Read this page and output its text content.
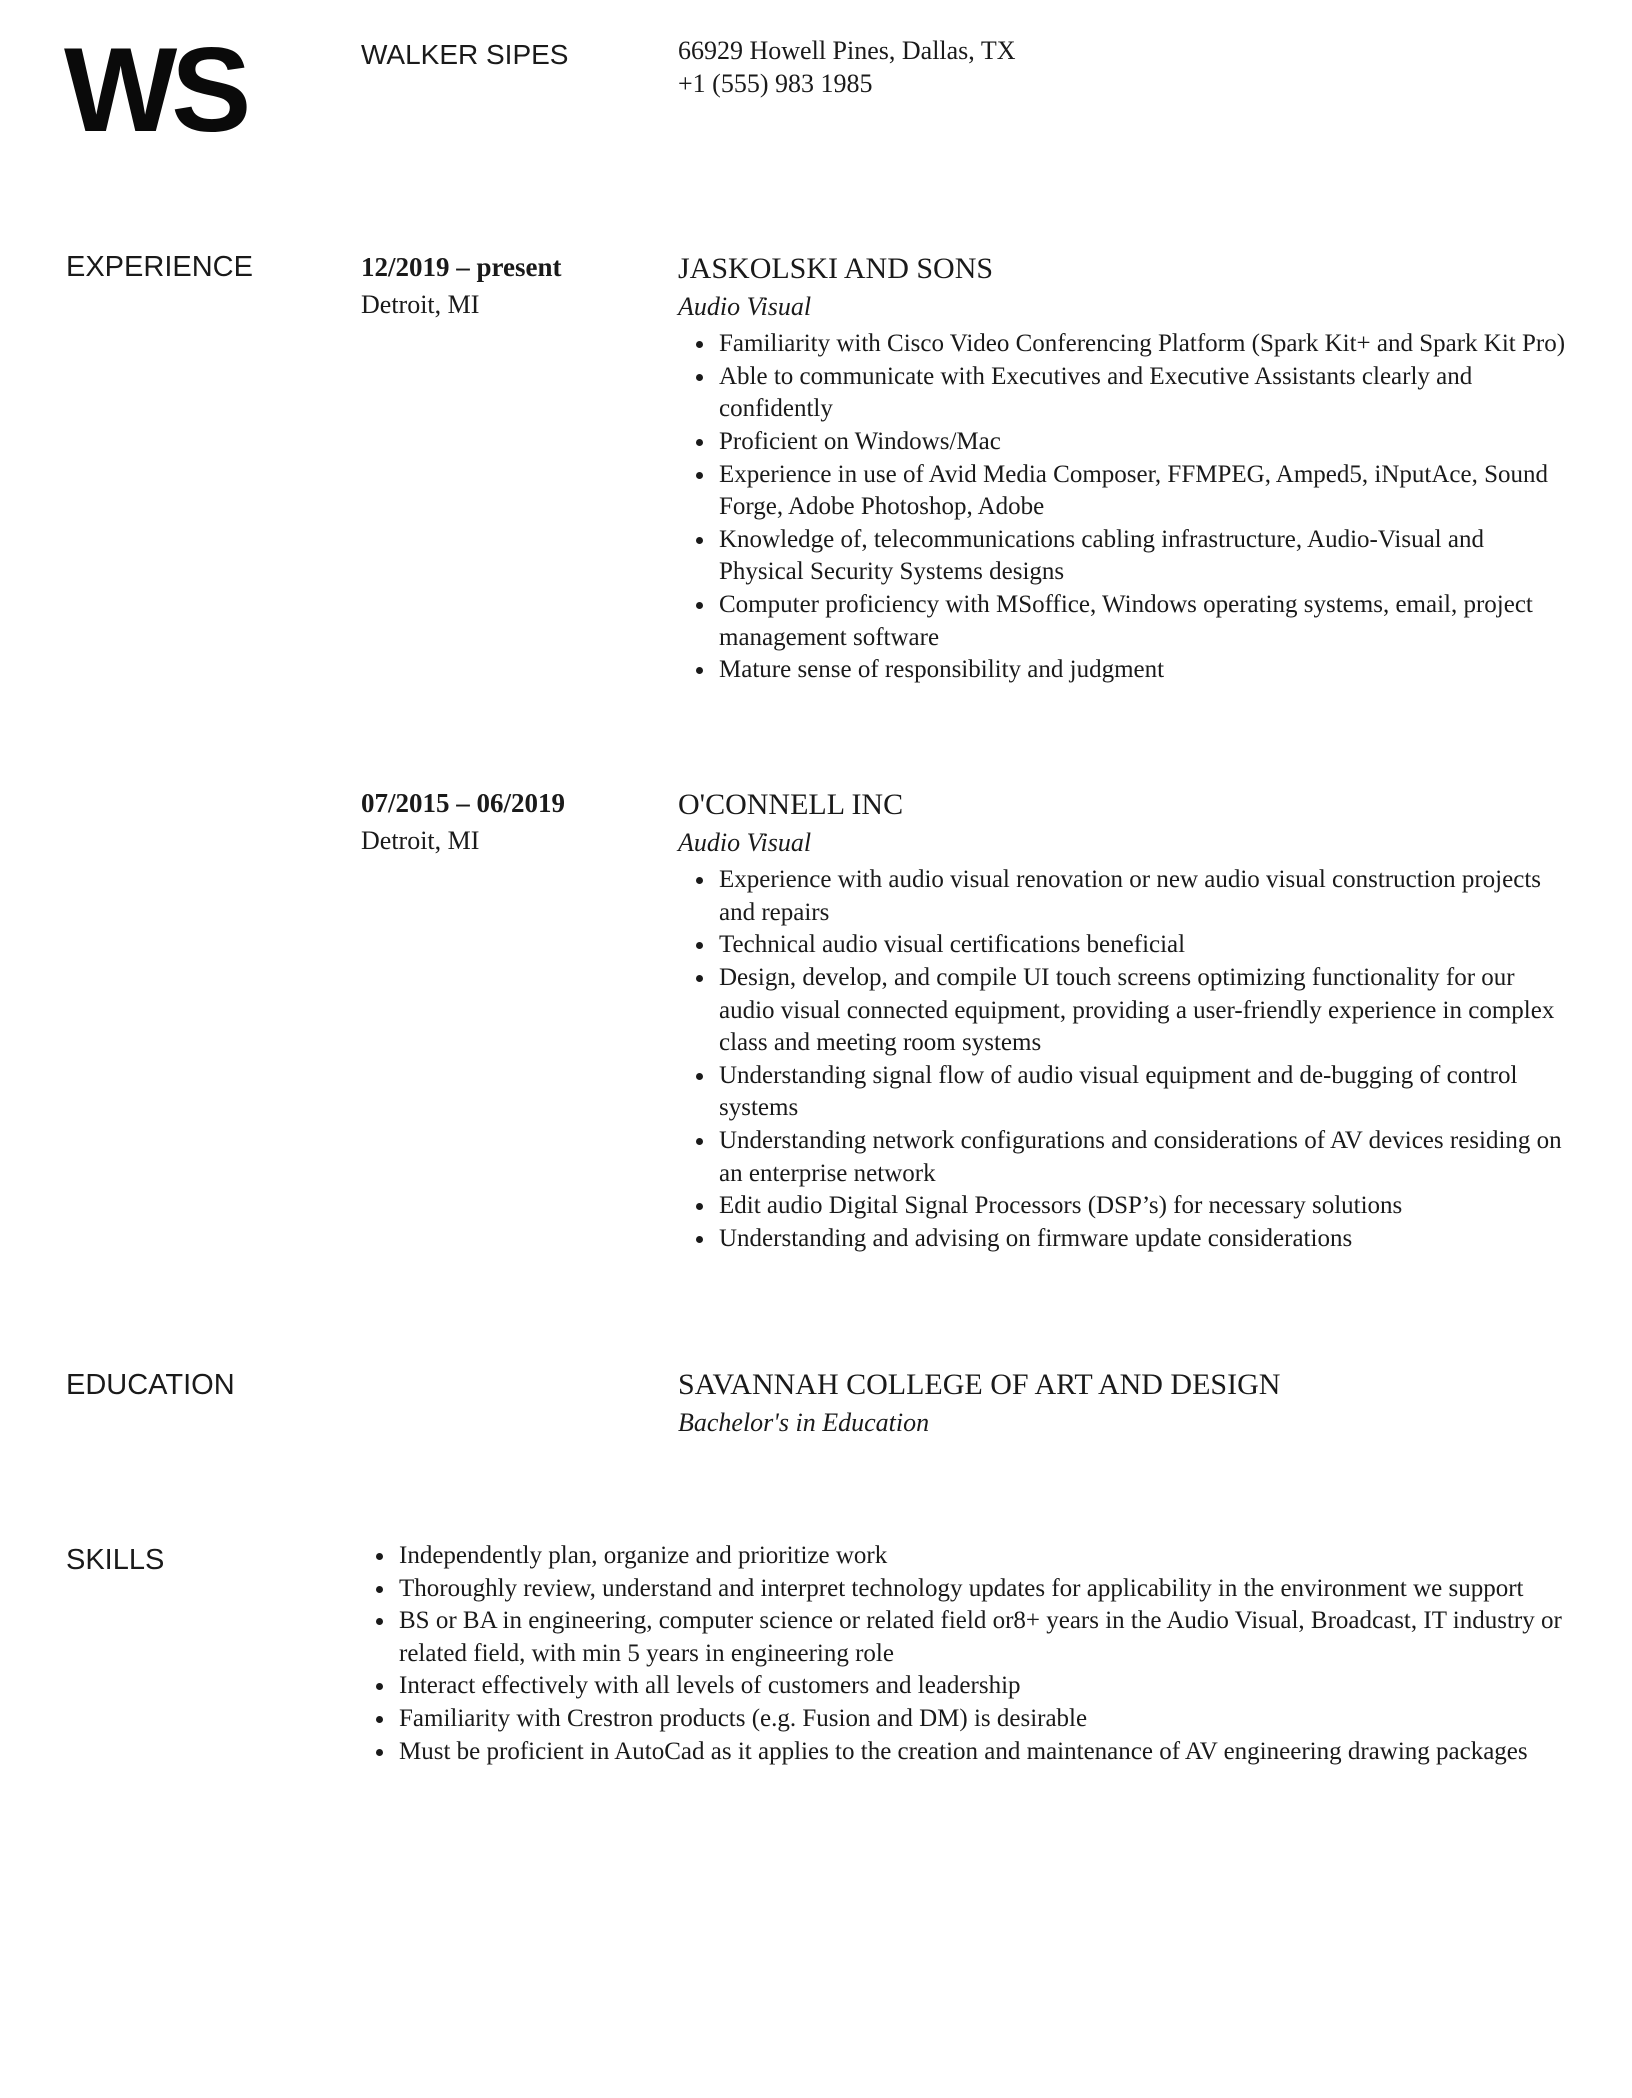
WS	WALKER SIPES	66929 Howell Pines, Dallas, TX
+1 (555) 983 1985
EXPERIENCE	12/2019 – present
Detroit, MI
JASKOLSKI AND SONS
Audio Visual
Familiarity with Cisco Video Conferencing Platform (Spark Kit+ and Spark Kit Pro)
Able to communicate with Executives and Executive Assistants clearly and confidently
Proficient on Windows/Mac
Experience in use of Avid Media Composer, FFMPEG, Amped5, iNputAce, Sound Forge, Adobe Photoshop, Adobe
Knowledge of, telecommunications cabling infrastructure, Audio-Visual and Physical Security Systems designs
Computer proficiency with MSoffice, Windows operating systems, email, project management software
Mature sense of responsibility and judgment
07/2015 – 06/2019
Detroit, MI
O'CONNELL INC
Audio Visual
Experience with audio visual renovation or new audio visual construction projects and repairs
Technical audio visual certifications beneficial
Design, develop, and compile UI touch screens optimizing functionality for our audio visual connected equipment, providing a user-friendly experience in complex class and meeting room systems
Understanding signal flow of audio visual equipment and de-bugging of control systems
Understanding network configurations and considerations of AV devices residing on an enterprise network
Edit audio Digital Signal Processors (DSP’s) for necessary solutions
Understanding and advising on firmware update considerations
EDUCATION	SAVANNAH COLLEGE OF ART AND DESIGN
Bachelor's in Education
SKILLS	Independently plan, organize and prioritize work
Thoroughly review, understand and interpret technology updates for applicability in the environment we support
BS or BA in engineering, computer science or related field or8+ years in the Audio Visual, Broadcast, IT industry or related field, with min 5 years in engineering role
Interact effectively with all levels of customers and leadership
Familiarity with Crestron products (e.g. Fusion and DM) is desirable
Must be proficient in AutoCad as it applies to the creation and maintenance of AV engineering drawing packages
